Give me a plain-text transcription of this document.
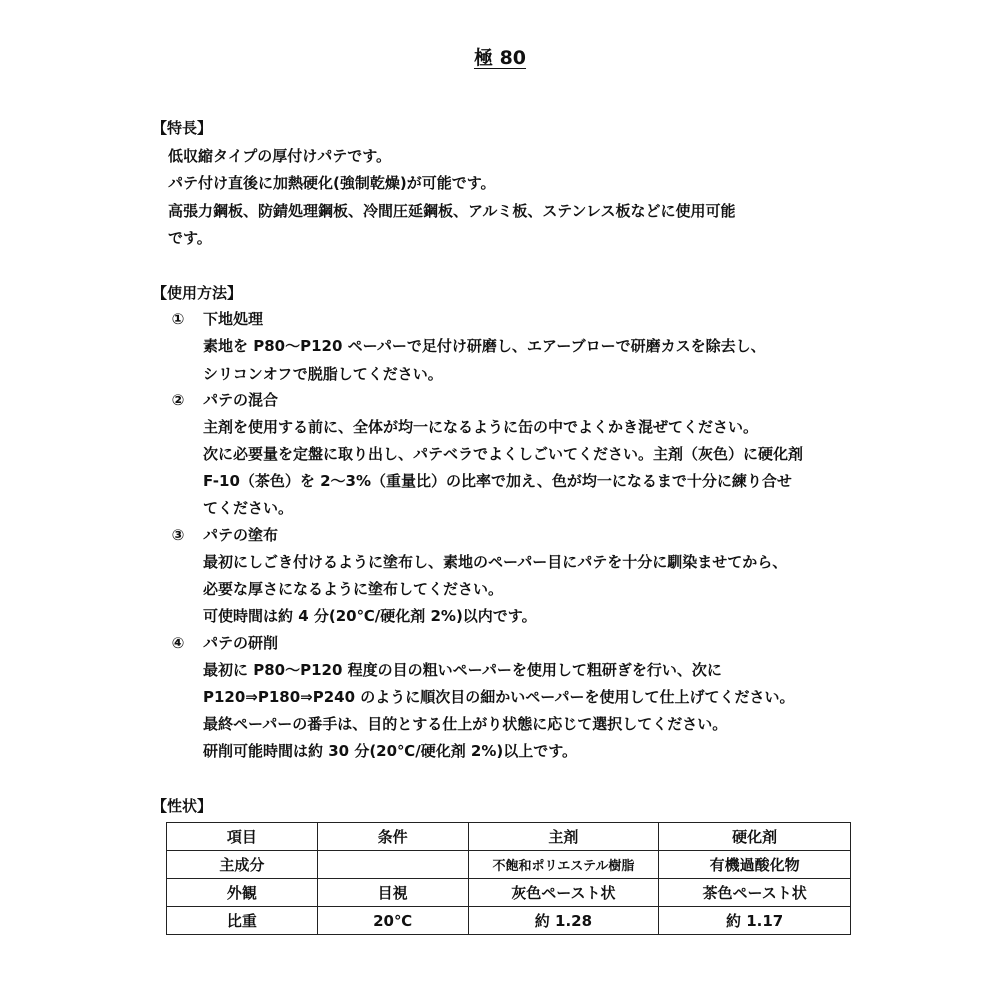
極 80
【特長】
低収縮タイプの厚付けパテです。
パテ付け直後に加熱硬化(強制乾燥)が可能です。
高張力鋼板、防錆処理鋼板、冷間圧延鋼板、アルミ板、ステンレス板などに使用可能
です。
【使用方法】
①	下地処理
素地を P80～P120 ペーパーで足付け研磨し、エアーブローで研磨カスを除去し、
シリコンオフで脱脂してください。
②	パテの混合
主剤を使用する前に、全体が均一になるように缶の中でよくかき混ぜてください。
次に必要量を定盤に取り出し、パテベラでよくしごいてください。主剤（灰色）に硬化剤
F-10（茶色）を 2～3%（重量比）の比率で加え、色が均一になるまで十分に練り合せ
てください。
③	パテの塗布
最初にしごき付けるように塗布し、素地のペーパー目にパテを十分に馴染ませてから、
必要な厚さになるように塗布してください。
可使時間は約 4 分(20℃/硬化剤 2%)以内です。
④	パテの研削
最初に P80～P120 程度の目の粗いペーパーを使用して粗研ぎを行い、次に
P120⇒P180⇒P240 のように順次目の細かいペーパーを使用して仕上げてください。
最終ペーパーの番手は、目的とする仕上がり状態に応じて選択してください。
研削可能時間は約 30 分(20℃/硬化剤 2%)以上です。
【性状】
項目	条件	主剤	硬化剤
主成分		不飽和ポリエステル樹脂	有機過酸化物
外観	目視	灰色ペースト状	茶色ペースト状
比重	20℃	約 1.28	約 1.17
